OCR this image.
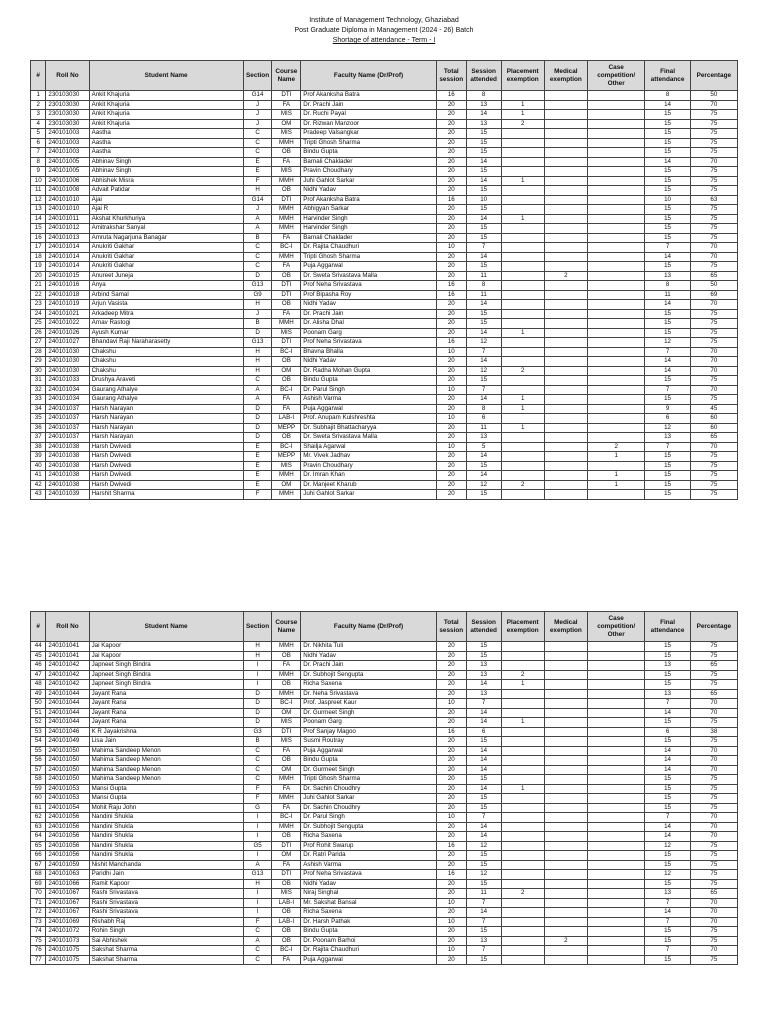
Institute of Management Technology, Ghaziabad
Post Graduate Diploma in Management (2024 - 26) Batch
Shortage of attendance - Term - I
#	Roll No	Student Name	Section	Course Name	Faculty Name (Dr/Prof)	Total session	Session attended	Placement exemption	Medical exemption	Case competition/ Other	Final attendance	Percentage
1	230103030	Ankit Khajuria	G14	DTI	Prof Akanksha Batra	16	8				8	50
2	230103030	Ankit Khajuria	J	FA	Dr. Prachi Jain	20	13	1			14	70
3	230103030	Ankit Khajuria	J	MIS	Dr. Ruchi Payal	20	14	1			15	75
4	230103030	Ankit Khajuria	J	OM	Dr. Rizwan Manzoor	20	13	2			15	75
5	240101003	Aastha	C	MIS	Pradeep Valsangkar	20	15				15	75
6	240101003	Aastha	C	MMH	Tripti Ghosh Sharma	20	15				15	75
7	240101003	Aastha	C	OB	Bindu Gupta	20	15				15	75
8	240101005	Abhinav Singh	E	FA	Barnali Chaklader	20	14				14	70
9	240101005	Abhinav Singh	E	MIS	Pravin Choudhary	20	15				15	75
10	240101006	Abhishek Misra	F	MMH	Juhi Gahlot Sarkar	20	14	1			15	75
11	240101008	Advait Patidar	H	OB	Nidhi Yadav	20	15				15	75
12	240101010	Ajai	G14	DTI	Prof Akanksha Batra	16	10				10	63
13	240101010	Ajai R	J	MMH	Abhigyan Sarkar	20	15				15	75
14	240101011	Akshat Khurkhuriya	A	MMH	Harvinder Singh	20	14	1			15	75
15	240101012	Amitrakshar Sanyal	A	MMH	Harvinder Singh	20	15				15	75
16	240101013	Amruta Nagarjuna Banagar	B	FA	Barnali Chaklader	20	15				15	75
17	240101014	Anukriti Gakhar	C	BC-I	Dr. Rajita Chaudhuri	10	7				7	70
18	240101014	Anukriti Gakhar	C	MMH	Tripti Ghosh Sharma	20	14				14	70
19	240101014	Anukriti Gakhar	C	FA	Puja Aggarwal	20	15				15	75
20	240101015	Anureet Juneja	D	OB	Dr. Sweta Srivastava Malla	20	11		2		13	65
21	240101016	Anya	G13	DTI	Prof Neha Srivastava	16	8				8	50
22	240101018	Arbind Samal	G9	DTI	Prof Bipasha Roy	16	11				11	69
23	240101019	Arjun Vasista	H	OB	Nidhi Yadav	20	14				14	70
24	240101021	Arkadeep Mitra	J	FA	Dr. Prachi Jain	20	15				15	75
25	240101022	Arnav Rastogi	B	MMH	Dr. Alisha Dhal	20	15				15	75
26	240101026	Ayush Kumar	D	MIS	Poonam Garg	20	14	1			15	75
27	240101027	Bhandavi Raji Naraharasetty	G13	DTI	Prof Neha Srivastava	16	12				12	75
28	240101030	Chakshu	H	BC-I	Bhavna Bhalla	10	7				7	70
29	240101030	Chakshu	H	OB	Nidhi Yadav	20	14				14	70
30	240101030	Chakshu	H	OM	Dr. Radha Mohan Gupta	20	12	2			14	70
31	240101033	Drushya Araveti	C	OB	Bindu Gupta	20	15				15	75
32	240101034	Gaurang Athalye	A	BC-I	Dr. Parul Singh	10	7				7	70
33	240101034	Gaurang Athalye	A	FA	Ashish Varma	20	14	1			15	75
34	240101037	Harsh Narayan	D	FA	Puja Aggarwal	20	8	1			9	45
35	240101037	Harsh Narayan	D	LAB-I	Prof. Anupam Kulshreshta	10	6				6	60
36	240101037	Harsh Narayan	D	MEPP	Dr. Subhajit Bhattacharyya	20	11	1			12	60
37	240101037	Harsh Narayan	D	OB	Dr. Sweta Srivastava Malla	20	13				13	65
38	240101038	Harsh Dwivedi	E	BC-I	Shailja Agarwal	10	5			2	7	70
39	240101038	Harsh Dwivedi	E	MEPP	Mr. Vivek Jadhav	20	14			1	15	75
40	240101038	Harsh Dwivedi	E	MIS	Pravin Choudhary	20	15				15	75
41	240101038	Harsh Dwivedi	E	MMH	Dr. Imran Khan	20	14			1	15	75
42	240101038	Harsh Dwivedi	E	OM	Dr. Manjeet Kharub	20	12	2		1	15	75
43	240101039	Harshit Sharma	F	MMH	Juhi Gahlot Sarkar	20	15				15	75
#	Roll No	Student Name	Section	Course Name	Faculty Name (Dr/Prof)	Total session	Session attended	Placement exemption	Medical exemption	Case competition/ Other	Final attendance	Percentage
44	240101041	Jai Kapoor	H	MMH	Dr. Nikhita Tuli	20	15				15	75
45	240101041	Jai Kapoor	H	OB	Nidhi Yadav	20	15				15	75
46	240101042	Japneet Singh Bindra	I	FA	Dr. Prachi Jain	20	13				13	65
47	240101042	Japneet Singh Bindra	I	MMH	Dr. Subhojit Sengupta	20	13	2			15	75
48	240101042	Japneet Singh Bindra	I	OB	Richa Saxena	20	14	1			15	75
49	240101044	Jayant Rana	D	MMH	Dr. Neha Srivastava	20	13				13	65
50	240101044	Jayant Rana	D	BC-I	Prof. Jaspreet Kaur	10	7				7	70
51	240101044	Jayant Rana	D	OM	Dr. Gurmeet Singh	20	14				14	70
52	240101044	Jayant Rana	D	MIS	Poonam Garg	20	14	1			15	75
53	240101046	K R Jayakrishna	G3	DTI	Prof Sanjay Magoo	16	6				6	38
54	240101049	Lisa Jain	B	MIS	Susmi Routray	20	15				15	75
55	240101050	Mahima Sandeep Menon	C	FA	Puja Aggarwal	20	14				14	70
56	240101050	Mahima Sandeep Menon	C	OB	Bindu Gupta	20	14				14	70
57	240101050	Mahima Sandeep Menon	C	OM	Dr. Gurmeet Singh	20	14				14	70
58	240101050	Mahima Sandeep Menon	C	MMH	Tripti Ghosh Sharma	20	15				15	75
59	240101053	Mansi Gupta	F	FA	Dr. Sachin Choudhry	20	14	1			15	75
60	240101053	Mansi Gupta	F	MMH	Juhi Gahlot Sarkar	20	15				15	75
61	240101054	Mohit Raju John	G	FA	Dr. Sachin Choudhry	20	15				15	75
62	240101056	Nandini Shukla	I	BC-I	Dr. Parul Singh	10	7				7	70
63	240101056	Nandini Shukla	I	MMH	Dr. Subhojit Sengupta	20	14				14	70
64	240101056	Nandini Shukla	I	OB	Richa Saxena	20	14				14	70
65	240101056	Nandini Shukla	G5	DTI	Prof Rohit Swarup	16	12				12	75
66	240101056	Nandini Shukla	I	OM	Dr. Ratri Parida	20	15				15	75
67	240101059	Nishit Manchanda	A	FA	Ashish Varma	20	15				15	75
68	240101063	Paridhi Jain	G13	DTI	Prof Neha Srivastava	16	12				12	75
69	240101066	Ramit Kapoor	H	OB	Nidhi Yadav	20	15				15	75
70	240101067	Rashi Srivastava	I	MIS	Niraj Singhal	20	11	2			13	65
71	240101067	Rashi Srivastava	I	LAB-I	Mr. Sakshat Bansal	10	7				7	70
72	240101067	Rashi Srivastava	I	OB	Richa Saxena	20	14				14	70
73	240101069	Rishabh Raj	F	LAB-I	Dr. Harsh Pathak	10	7				7	70
74	240101072	Rohin Singh	C	OB	Bindu Gupta	20	15				15	75
75	240101073	Sai Abhishek	A	OB	Dr. Poonam Barhoi	20	13		2		15	75
76	240101075	Sakshat Sharma	C	BC-I	Dr. Rajita Chaudhuri	10	7				7	70
77	240101075	Sakshat Sharma	C	FA	Puja Aggarwal	20	15				15	75
